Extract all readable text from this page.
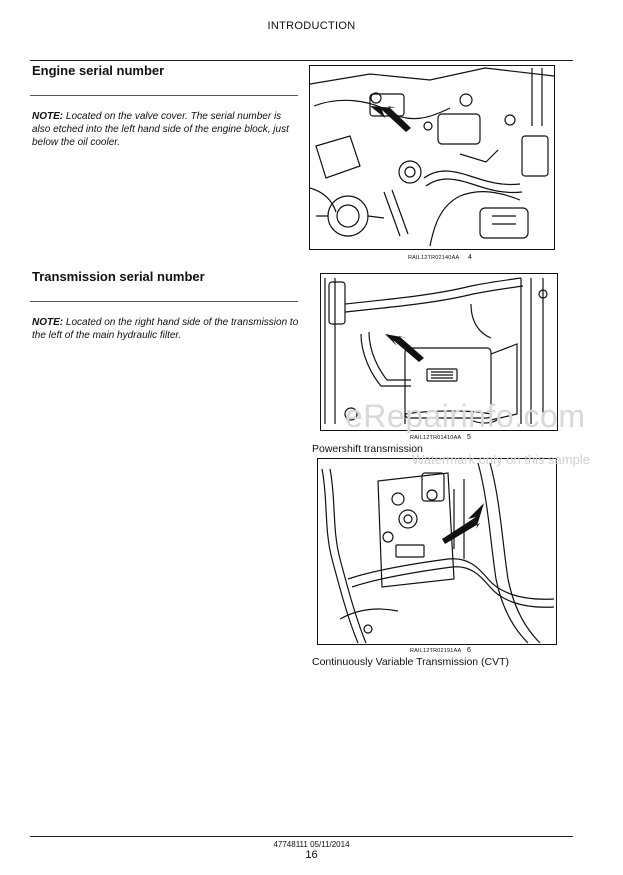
INTRODUCTION
Engine serial number
NOTE: Located on the valve cover. The serial number is also etched into the left hand side of the engine block, just below the oil cooler.
RAIL12TR02140AA 4
Transmission serial number
NOTE: Located on the right hand side of the transmission to the left of the main hydraulic filter.
RAIL12TR01410AA 5
Powershift transmission
RAIL12TR02191AA 6
Continuously Variable Transmission (CVT)
eRepairinfo.com
Watermark only on this sample
47748111 05/11/2014
16
